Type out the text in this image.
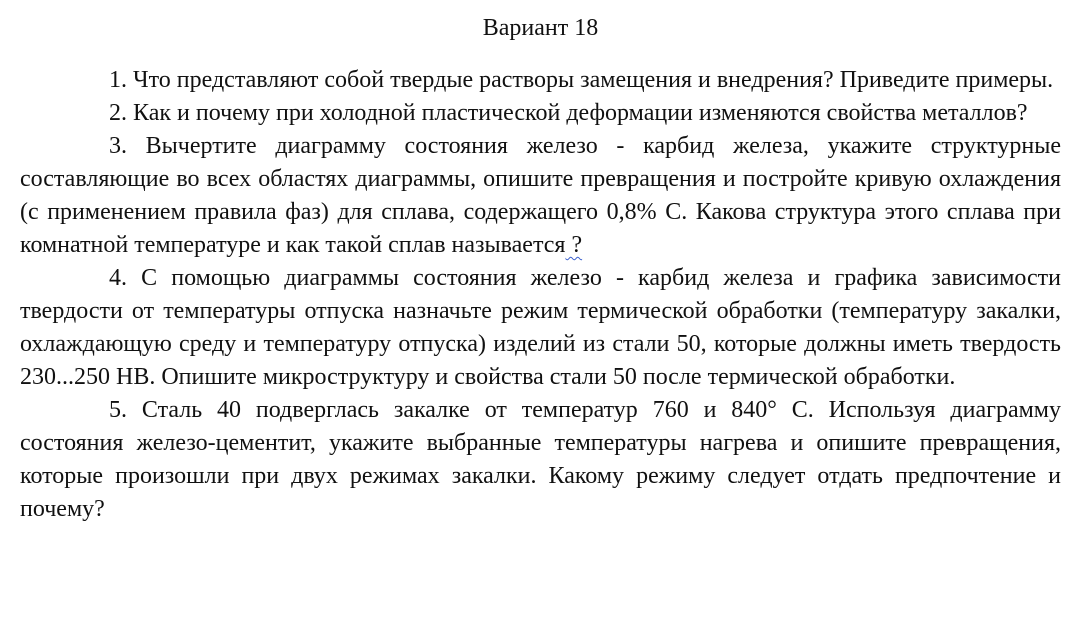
Вариант 18

1. Что представляют собой твердые растворы замещения и внедрения? Приведите примеры.

2. Как и почему при холодной пластической деформации изменяются свойства металлов?

3. Вычертите диаграмму состояния железо - карбид железа, укажите структурные составляющие во всех областях диаграммы, опишите превращения и постройте кривую охлаждения (с применением правила фаз) для сплава, содержащего 0,8% С. Какова структура этого сплава при комнатной температуре и как такой сплав называется ?

4. С помощью диаграммы состояния железо - карбид железа и графика зависимости твердости от температуры отпуска назначьте режим термической обработки (температуру закалки, охлаждающую среду и температуру отпуска) изделий из стали 50, которые должны иметь твердость 230...250 НВ. Опишите микроструктуру и свойства стали 50 после термической обработки.

5. Сталь 40 подверглась закалке от температур 760 и 840° С. Используя диаграмму состояния железо-цементит, укажите выбранные температуры нагрева и опишите превращения, которые произошли при двух режимах закалки. Какому режиму следует отдать предпочтение и почему?
